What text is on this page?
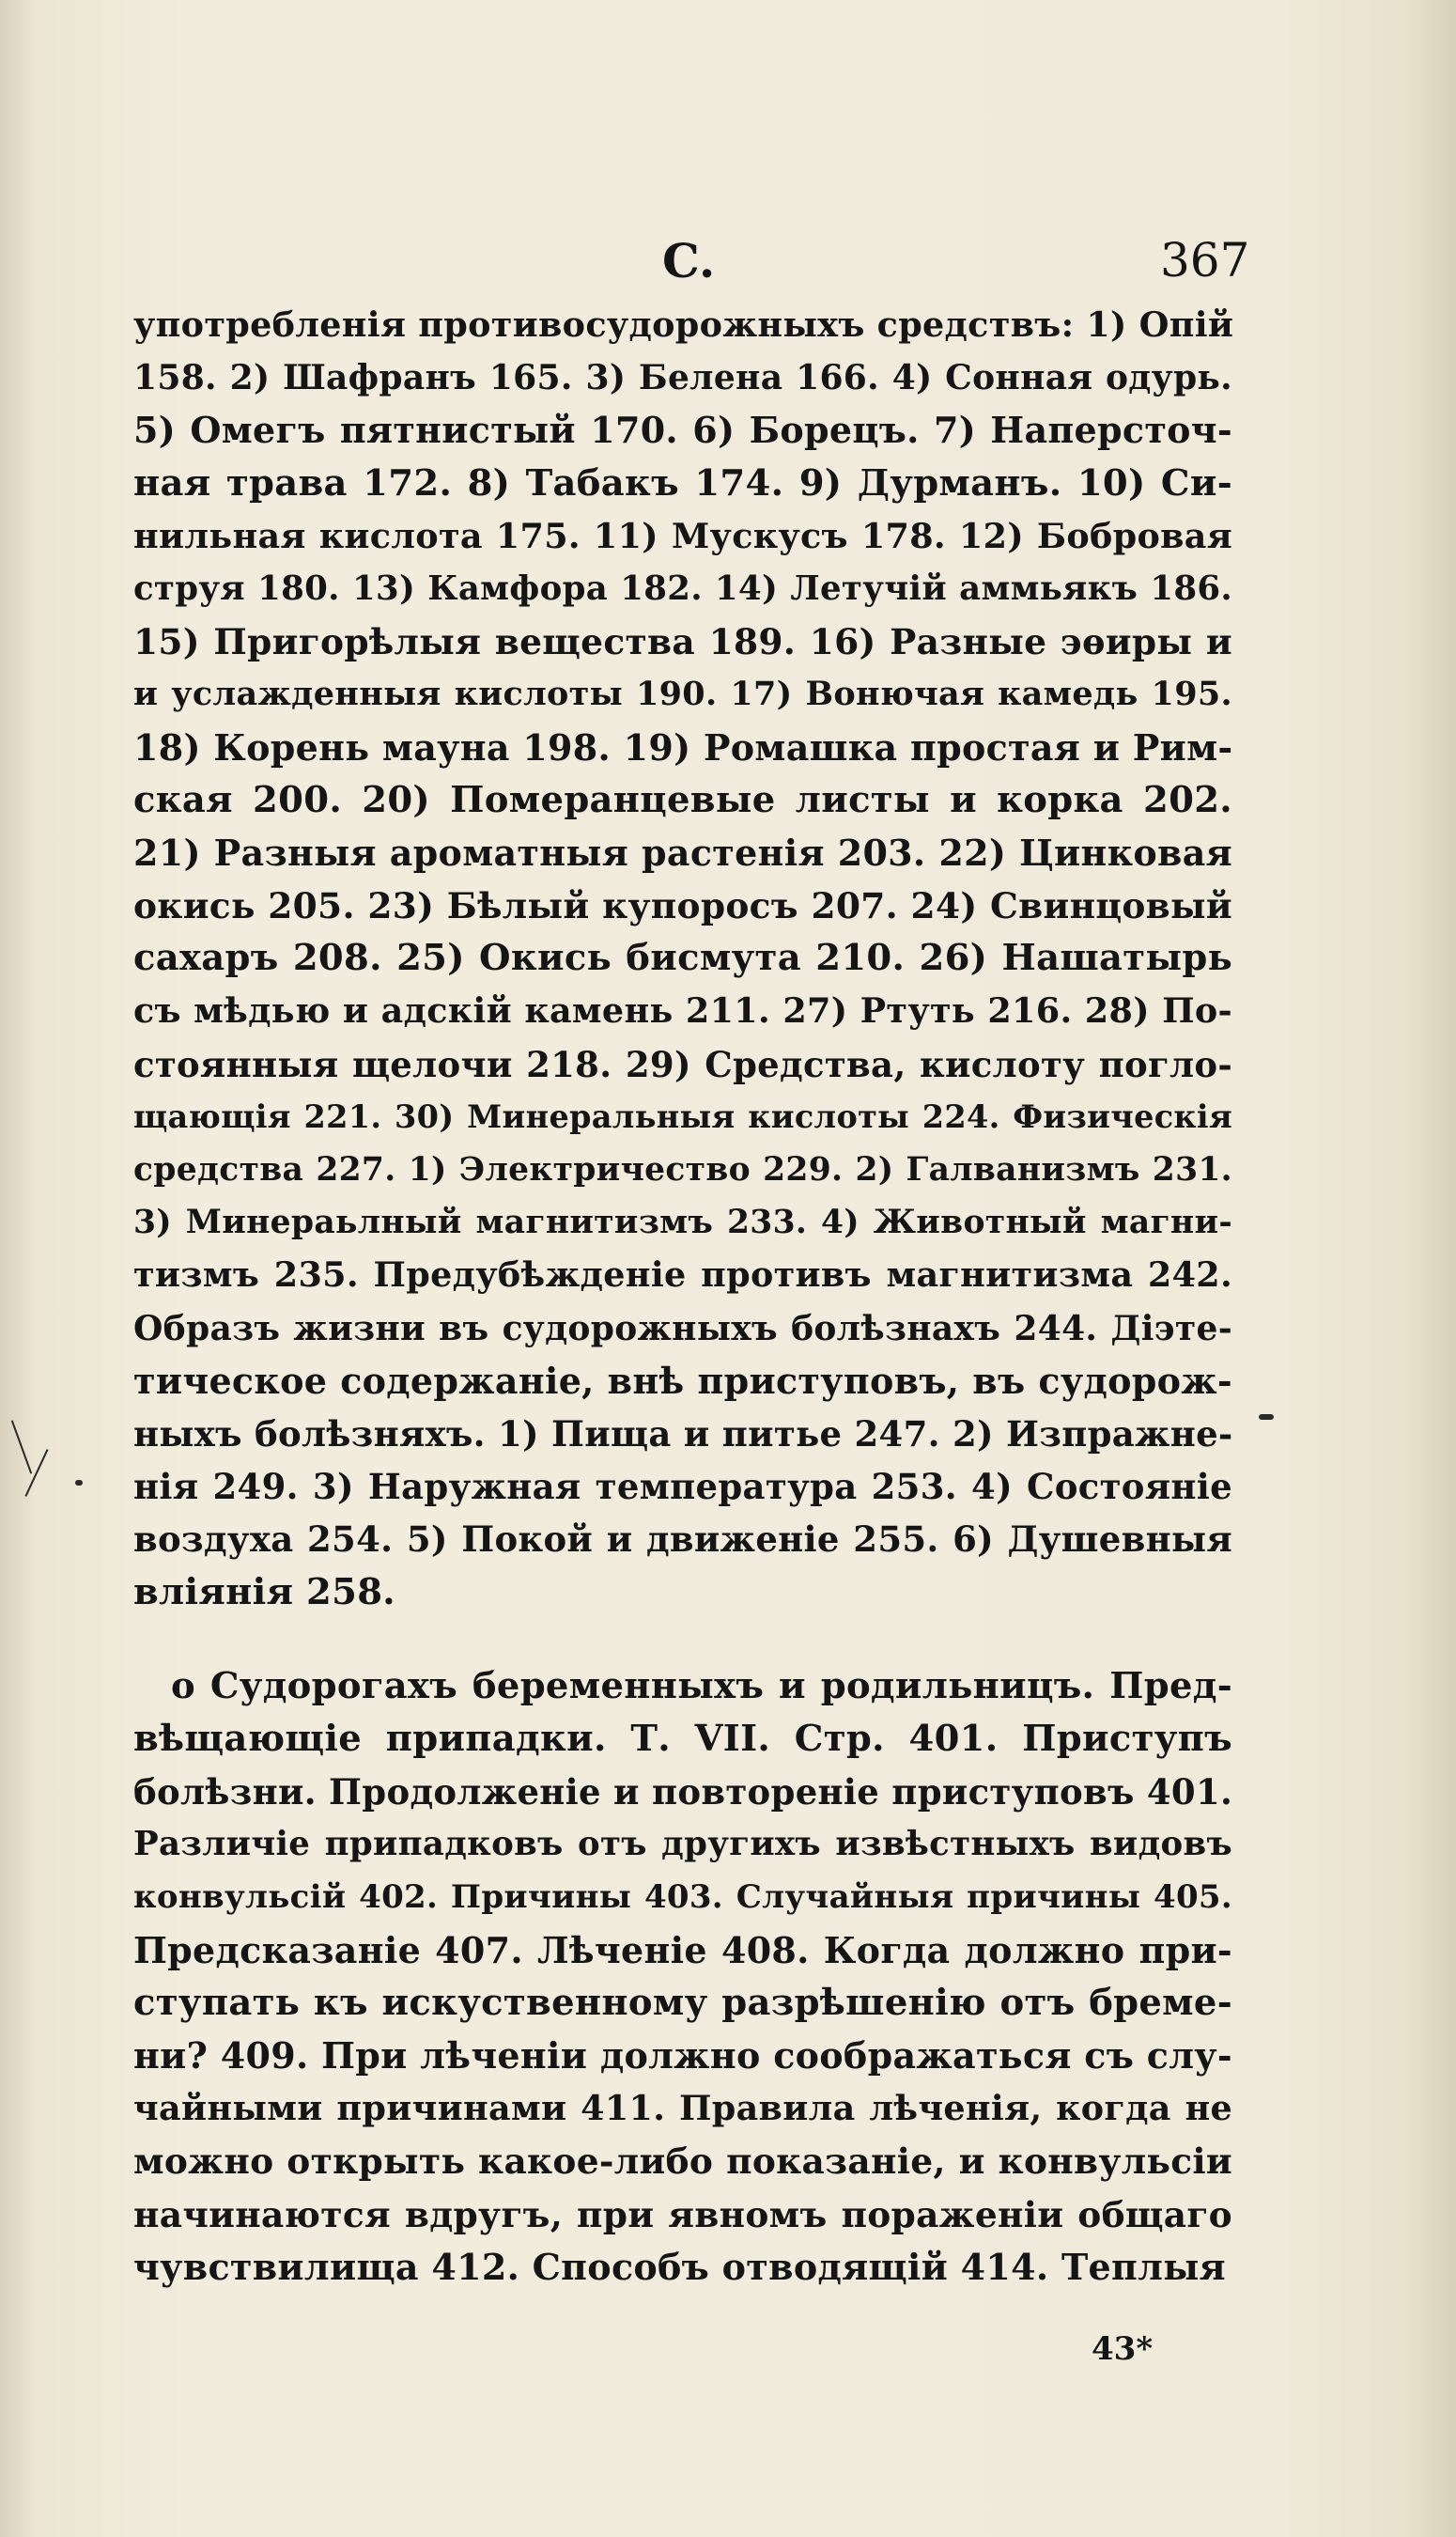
C.	367
употребленія противосудорожныхъ средствъ: 1) Опій
158. 2) Шафранъ 165. 3) Белена 166. 4) Сонная одурь.
5) Омегъ пятнистый 170. 6) Борецъ. 7) Наперсточ-
ная трава 172. 8) Табакъ 174. 9) Дурманъ. 10) Си-
нильная кислота 175. 11) Мускусъ 178. 12) Бобровая
струя 180. 13) Камфора 182. 14) Летучій аммьякъ 186.
15) Пригорѣлыя вещества 189. 16) Разные эѳиры и
и услажденныя кислоты 190. 17) Вонючая камедь 195.
18) Корень мауна 198. 19) Ромашка простая и Рим-
ская 200. 20) Померанцевые листы и корка 202.
21) Разныя ароматныя растенія 203. 22) Цинковая
окись 205. 23) Бѣлый купоросъ 207. 24) Свинцовый
сахаръ 208. 25) Окись бисмута 210. 26) Нашатырь
съ мѣдью и адскій камень 211. 27) Ртуть 216. 28) По-
стоянныя щелочи 218. 29) Средства, кислоту погло-
щающія 221. 30) Минеральныя кислоты 224. Физическія
средства 227. 1) Электричество 229. 2) Галванизмъ 231.
3) Минераьлный магнитизмъ 233. 4) Животный магни-
тизмъ 235. Предубѣжденіе противъ магнитизма 242.
Образъ жизни въ судорожныхъ болѣзнахъ 244. Діэте-
тическое содержаніе, внѣ приступовъ, въ судорож-
ныхъ болѣзняхъ. 1) Пища и питье 247. 2) Изпражне-
нія 249. 3) Наружная температура 253. 4) Состояніе
воздуха 254. 5) Покой и движеніе 255. 6) Душевныя
вліянія 258.
о Судорогахъ беременныхъ и родильницъ. Пред-
вѣщающіе припадки. Т. VII. Стр. 401. Приступъ
болѣзни. Продолженіе и повтореніе приступовъ 401.
Различіе припадковъ отъ другихъ извѣстныхъ видовъ
конвульсій 402. Причины 403. Случайныя причины 405.
Предсказаніе 407. Лѣченіе 408. Когда должно при-
ступать къ искуственному разрѣшенію отъ бреме-
ни? 409. При лѣченіи должно соображаться съ слу-
чайными причинами 411. Правила лѣченія, когда не
можно открыть какое-либо показаніе, и конвульсіи
начинаются вдругъ, при явномъ пораженіи общаго
чувствилища 412. Способъ отводящій 414. Теплыя
43*
